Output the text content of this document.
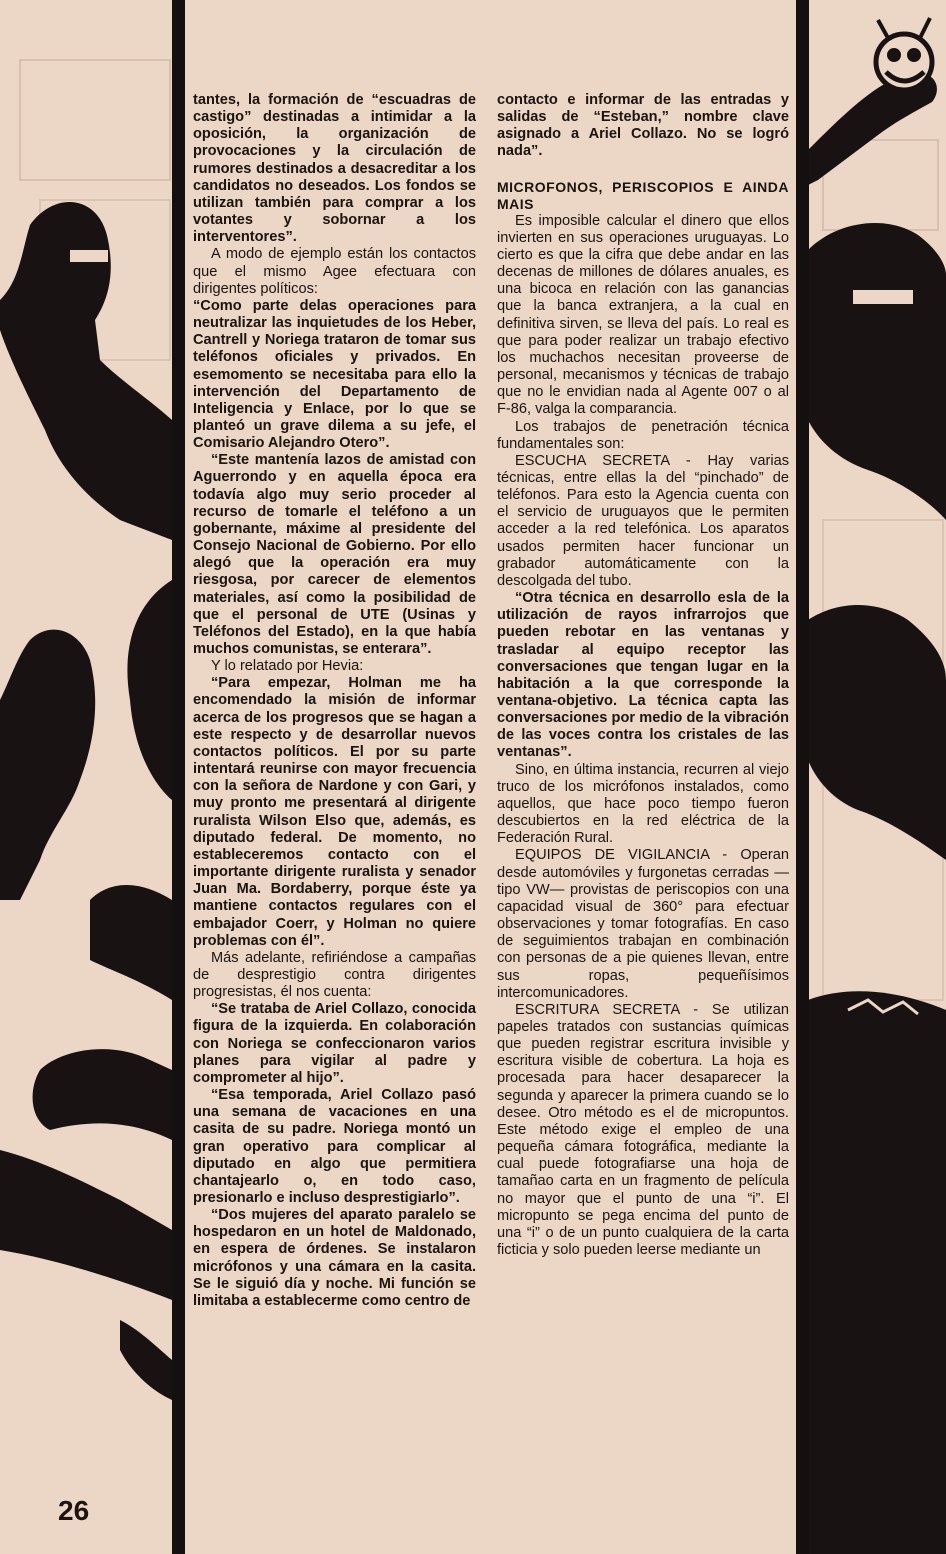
tantes, la formación de “escuadras de castigo” destinadas a intimidar a la oposición, la organización de provocaciones y la circulación de rumores destinados a desacreditar a los candidatos no deseados. Los fondos se utilizan también para comprar a los votantes y sobornar a los interventores”.

A modo de ejemplo están los contactos que el mismo Agee efectuara con dirigentes políticos:

“Como parte delas operaciones para neutralizar las inquietudes de los Heber, Cantrell y Noriega trataron de tomar sus teléfonos oficiales y privados. En esemomento se necesitaba para ello la intervención del Departamento de Inteligencia y Enlace, por lo que se planteó un grave dilema a su jefe, el Comisario Alejandro Otero”.

“Este mantenía lazos de amistad con Aguerrondo y en aquella época era todavía algo muy serio proceder al recurso de tomarle el teléfono a un gobernante, máxime al presidente del Consejo Nacional de Gobierno. Por ello alegó que la operación era muy riesgosa, por carecer de elementos materiales, así como la posibilidad de que el personal de UTE (Usinas y Teléfonos del Estado), en la que había muchos comunistas, se enterara”.

Y lo relatado por Hevia:

“Para empezar, Holman me ha encomendado la misión de informar acerca de los progresos que se hagan a este respecto y de desarrollar nuevos contactos políticos. El por su parte intentará reunirse con mayor frecuencia con la señora de Nardone y con Gari, y muy pronto me presentará al dirigente ruralista Wilson Elso que, además, es diputado federal. De momento, no estableceremos contacto con el importante dirigente ruralista y senador Juan Ma. Bordaberry, porque éste ya mantiene contactos regulares con el embajador Coerr, y Holman no quiere problemas con él”.

Más adelante, refiriéndose a campañas de desprestigio contra dirigentes progresistas, él nos cuenta:

“Se trataba de Ariel Collazo, conocida figura de la izquierda. En colaboración con Noriega se confeccionaron varios planes para vigilar al padre y comprometer al hijo”.

“Esa temporada, Ariel Collazo pasó una semana de vacaciones en una casita de su padre. Noriega montó un gran operativo para complicar al diputado en algo que permitiera chantajearlo o, en todo caso, presionarlo e incluso desprestigiarlo”.

“Dos mujeres del aparato paralelo se hospedaron en un hotel de Maldonado, en espera de órdenes. Se instalaron micrófonos y una cámara en la casita. Se le siguió día y noche. Mi función se limitaba a establecerme como centro de

contacto e informar de las entradas y salidas de “Esteban,” nombre clave asignado a Ariel Collazo. No se logró nada”.

MICROFONOS, PERISCOPIOS E AINDA MAIS

Es imposible calcular el dinero que ellos invierten en sus operaciones uruguayas. Lo cierto es que la cifra que debe andar en las decenas de millones de dólares anuales, es una bicoca en relación con las ganancias que la banca extranjera, a la cual en definitiva sirven, se lleva del país. Lo real es que para poder realizar un trabajo efectivo los muchachos necesitan proveerse de personal, mecanismos y técnicas de trabajo que no le envidian nada al Agente 007 o al F-86, valga la comparancia.

Los trabajos de penetración técnica fundamentales son:

ESCUCHA SECRETA - Hay varias técnicas, entre ellas la del “pinchado” de teléfonos. Para esto la Agencia cuenta con el servicio de uruguayos que le permiten acceder a la red telefónica. Los aparatos usados permiten hacer funcionar un grabador automáticamente con la descolgada del tubo.

“Otra técnica en desarrollo esla de la utilización de rayos infrarrojos que pueden rebotar en las ventanas y trasladar al equipo receptor las conversaciones que tengan lugar en la habitación a la que corresponde la ventana-objetivo. La técnica capta las conversaciones por medio de la vibración de las voces contra los cristales de las ventanas”.

Sino, en última instancia, recurren al viejo truco de los micrófonos instalados, como aquellos, que hace poco tiempo fueron descubiertos en la red eléctrica de la Federación Rural.

EQUIPOS DE VIGILANCIA - Operan desde automóviles y furgonetas cerradas —tipo VW— provistas de periscopios con una capacidad visual de 360° para efectuar observaciones y tomar fotografías. En caso de seguimientos trabajan en combinación con personas de a pie quienes llevan, entre sus ropas, pequeñísimos intercomunicadores.

ESCRITURA SECRETA - Se utilizan papeles tratados con sustancias químicas que pueden registrar escritura invisible y escritura visible de cobertura. La hoja es procesada para hacer desaparecer la segunda y aparecer la primera cuando se lo desee. Otro método es el de micropuntos. Este método exige el empleo de una pequeña cámara fotográfica, mediante la cual puede fotografiarse una hoja de tamañao carta en un fragmento de película no mayor que el punto de una “i”. El micropunto se pega encima del punto de una “i” o de un punto cualquiera de la carta ficticia y solo pueden leerse mediante un

26
